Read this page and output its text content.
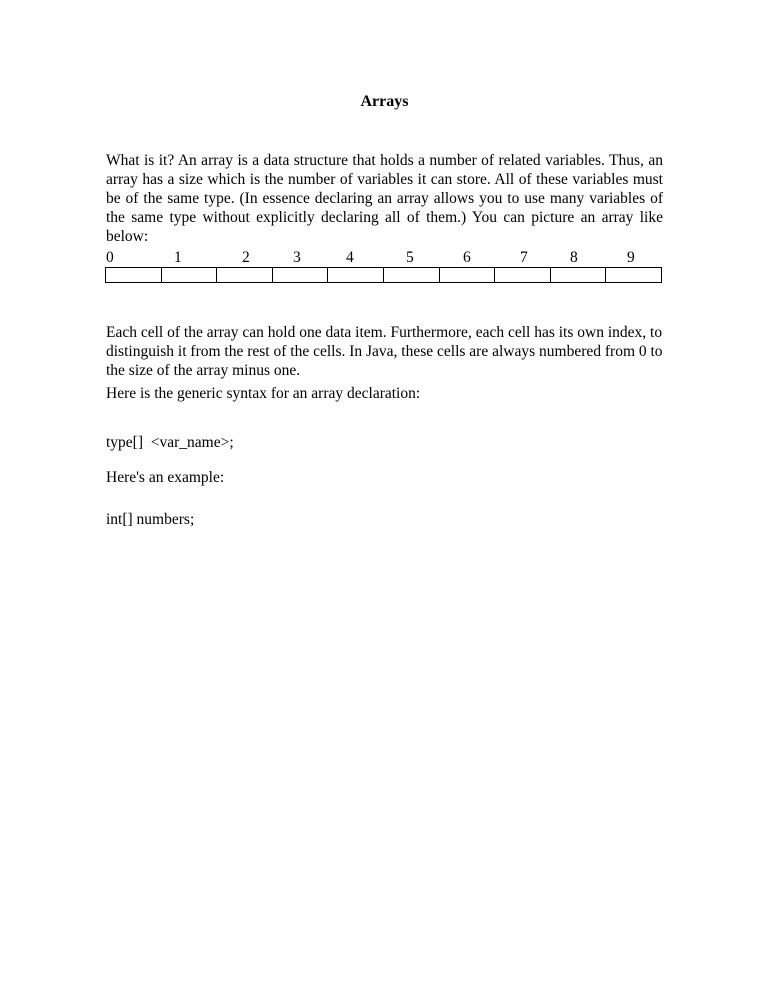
Arrays

What is it? An array is a data structure that holds a number of related variables. Thus, an array has a size which is the number of variables it can store. All of these variables must be of the same type. (In essence declaring an array allows you to use many variables of the same type without explicitly declaring all of them.) You can picture an array like below:

0	1	2	3	4	5	6	7	8	9

Each cell of the array can hold one data item. Furthermore, each cell has its own index, to distinguish it from the rest of the cells. In Java, these cells are always numbered from 0 to the size of the array minus one.

Here is the generic syntax for an array declaration:

type[]  <var_name>;

Here's an example:

int[] numbers;
